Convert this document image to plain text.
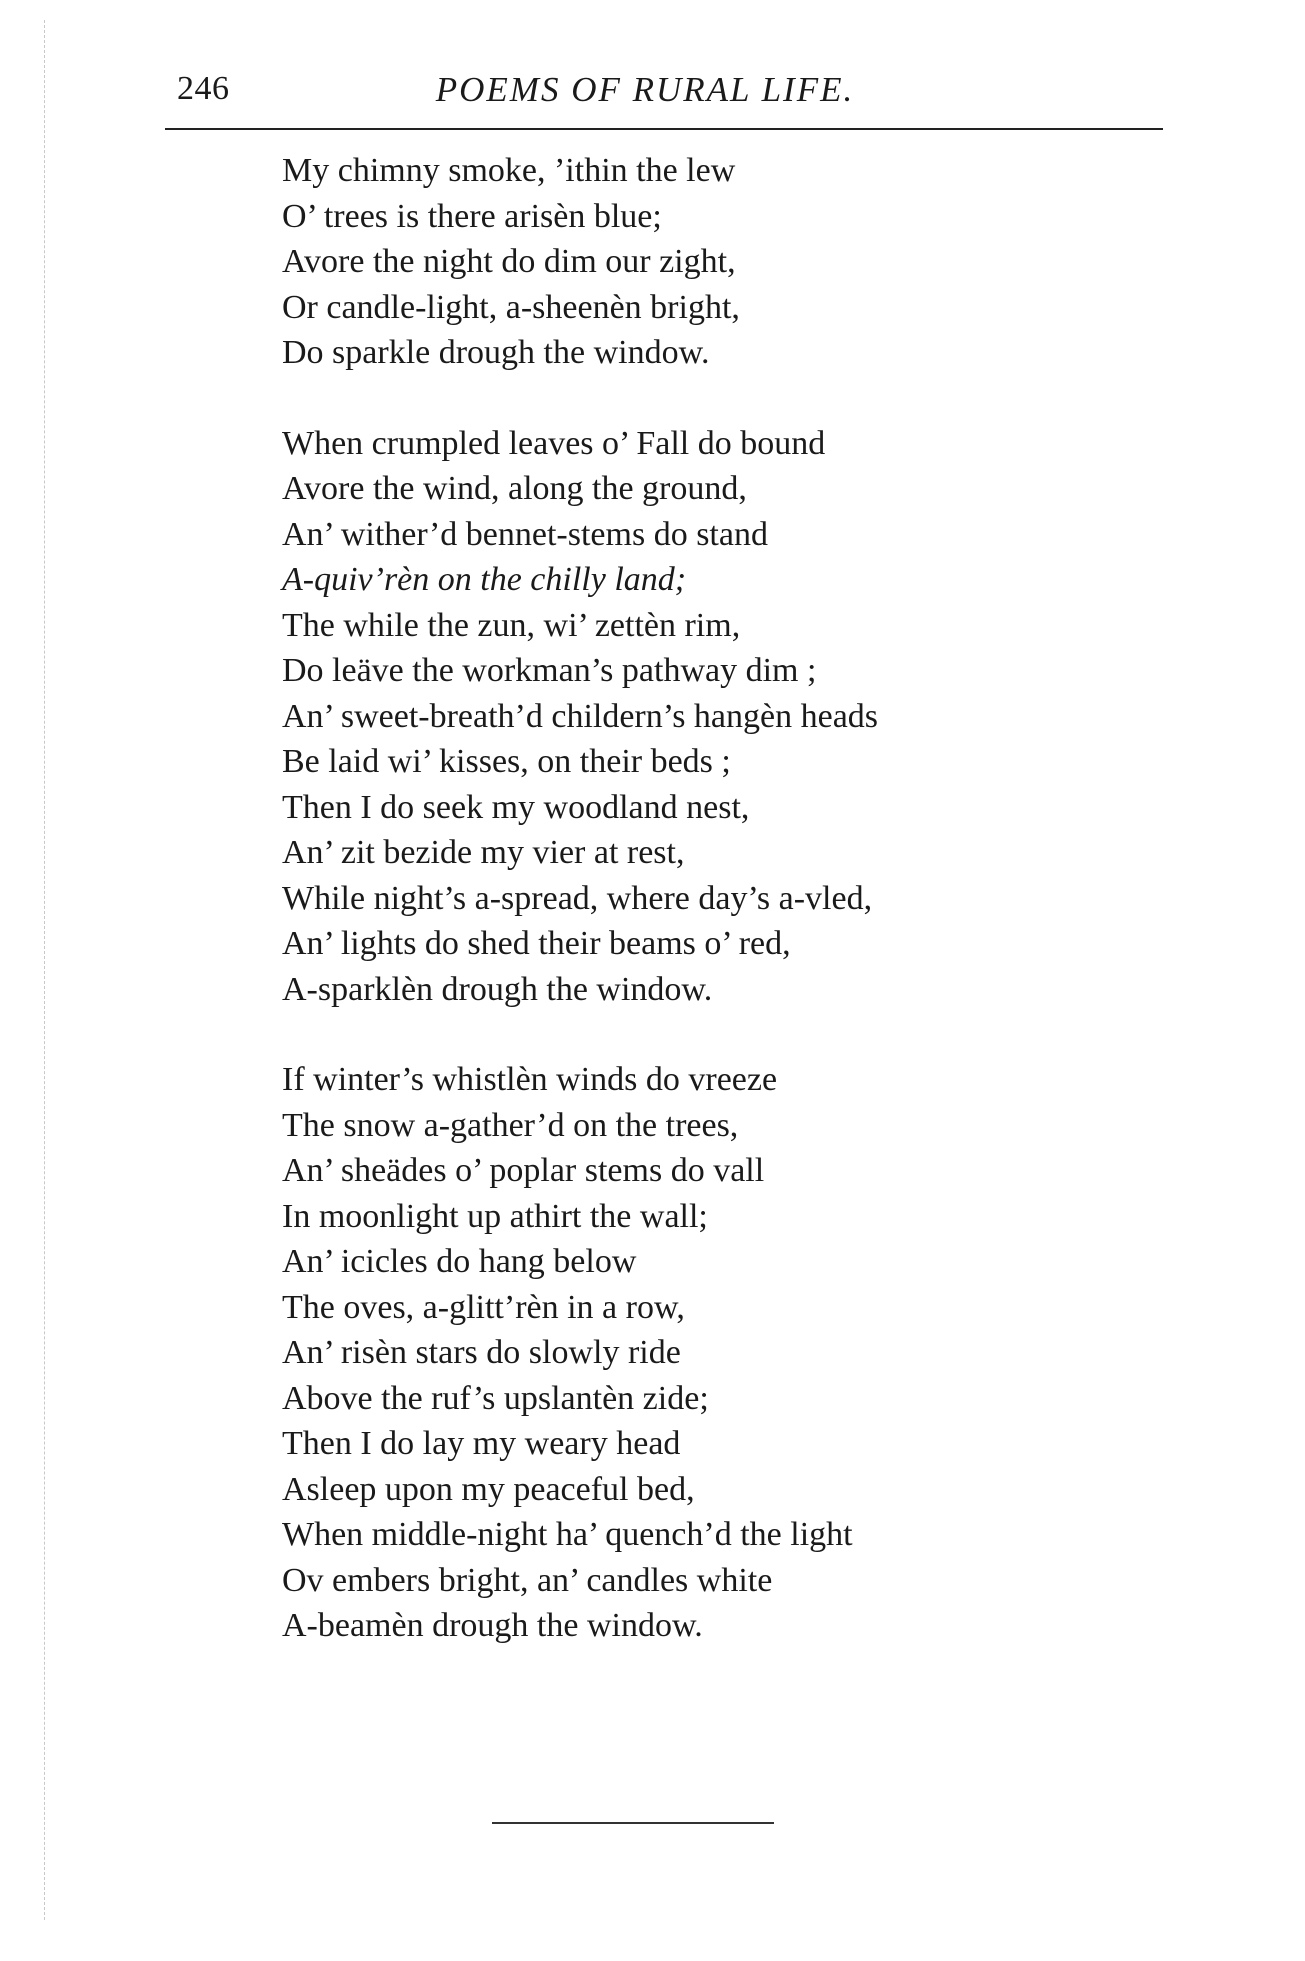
246	POEMS OF RURAL LIFE.
My chimny smoke, ’ithin the lew
O’ trees is there arisèn blue;
Avore the night do dim our zight,
Or candle-light, a-sheenèn bright,
Do sparkle drough the window.
When crumpled leaves o’ Fall do bound
Avore the wind, along the ground,
An’ wither’d bennet-stems do stand
A-quiv’rèn on the chilly land;
The while the zun, wi’ zettèn rim,
Do leäve the workman’s pathway dim ;
An’ sweet-breath’d childern’s hangèn heads
Be laid wi’ kisses, on their beds ;
Then I do seek my woodland nest,
An’ zit bezide my vier at rest,
While night’s a-spread, where day’s a-vled,
An’ lights do shed their beams o’ red,
A-sparklèn drough the window.
If winter’s whistlèn winds do vreeze
The snow a-gather’d on the trees,
An’ sheädes o’ poplar stems do vall
In moonlight up athirt the wall;
An’ icicles do hang below
The oves, a-glitt’rèn in a row,
An’ risèn stars do slowly ride
Above the ruf’s upslantèn zide;
Then I do lay my weary head
Asleep upon my peaceful bed,
When middle-night ha’ quench’d the light
Ov embers bright, an’ candles white
A-beamèn drough the window.
